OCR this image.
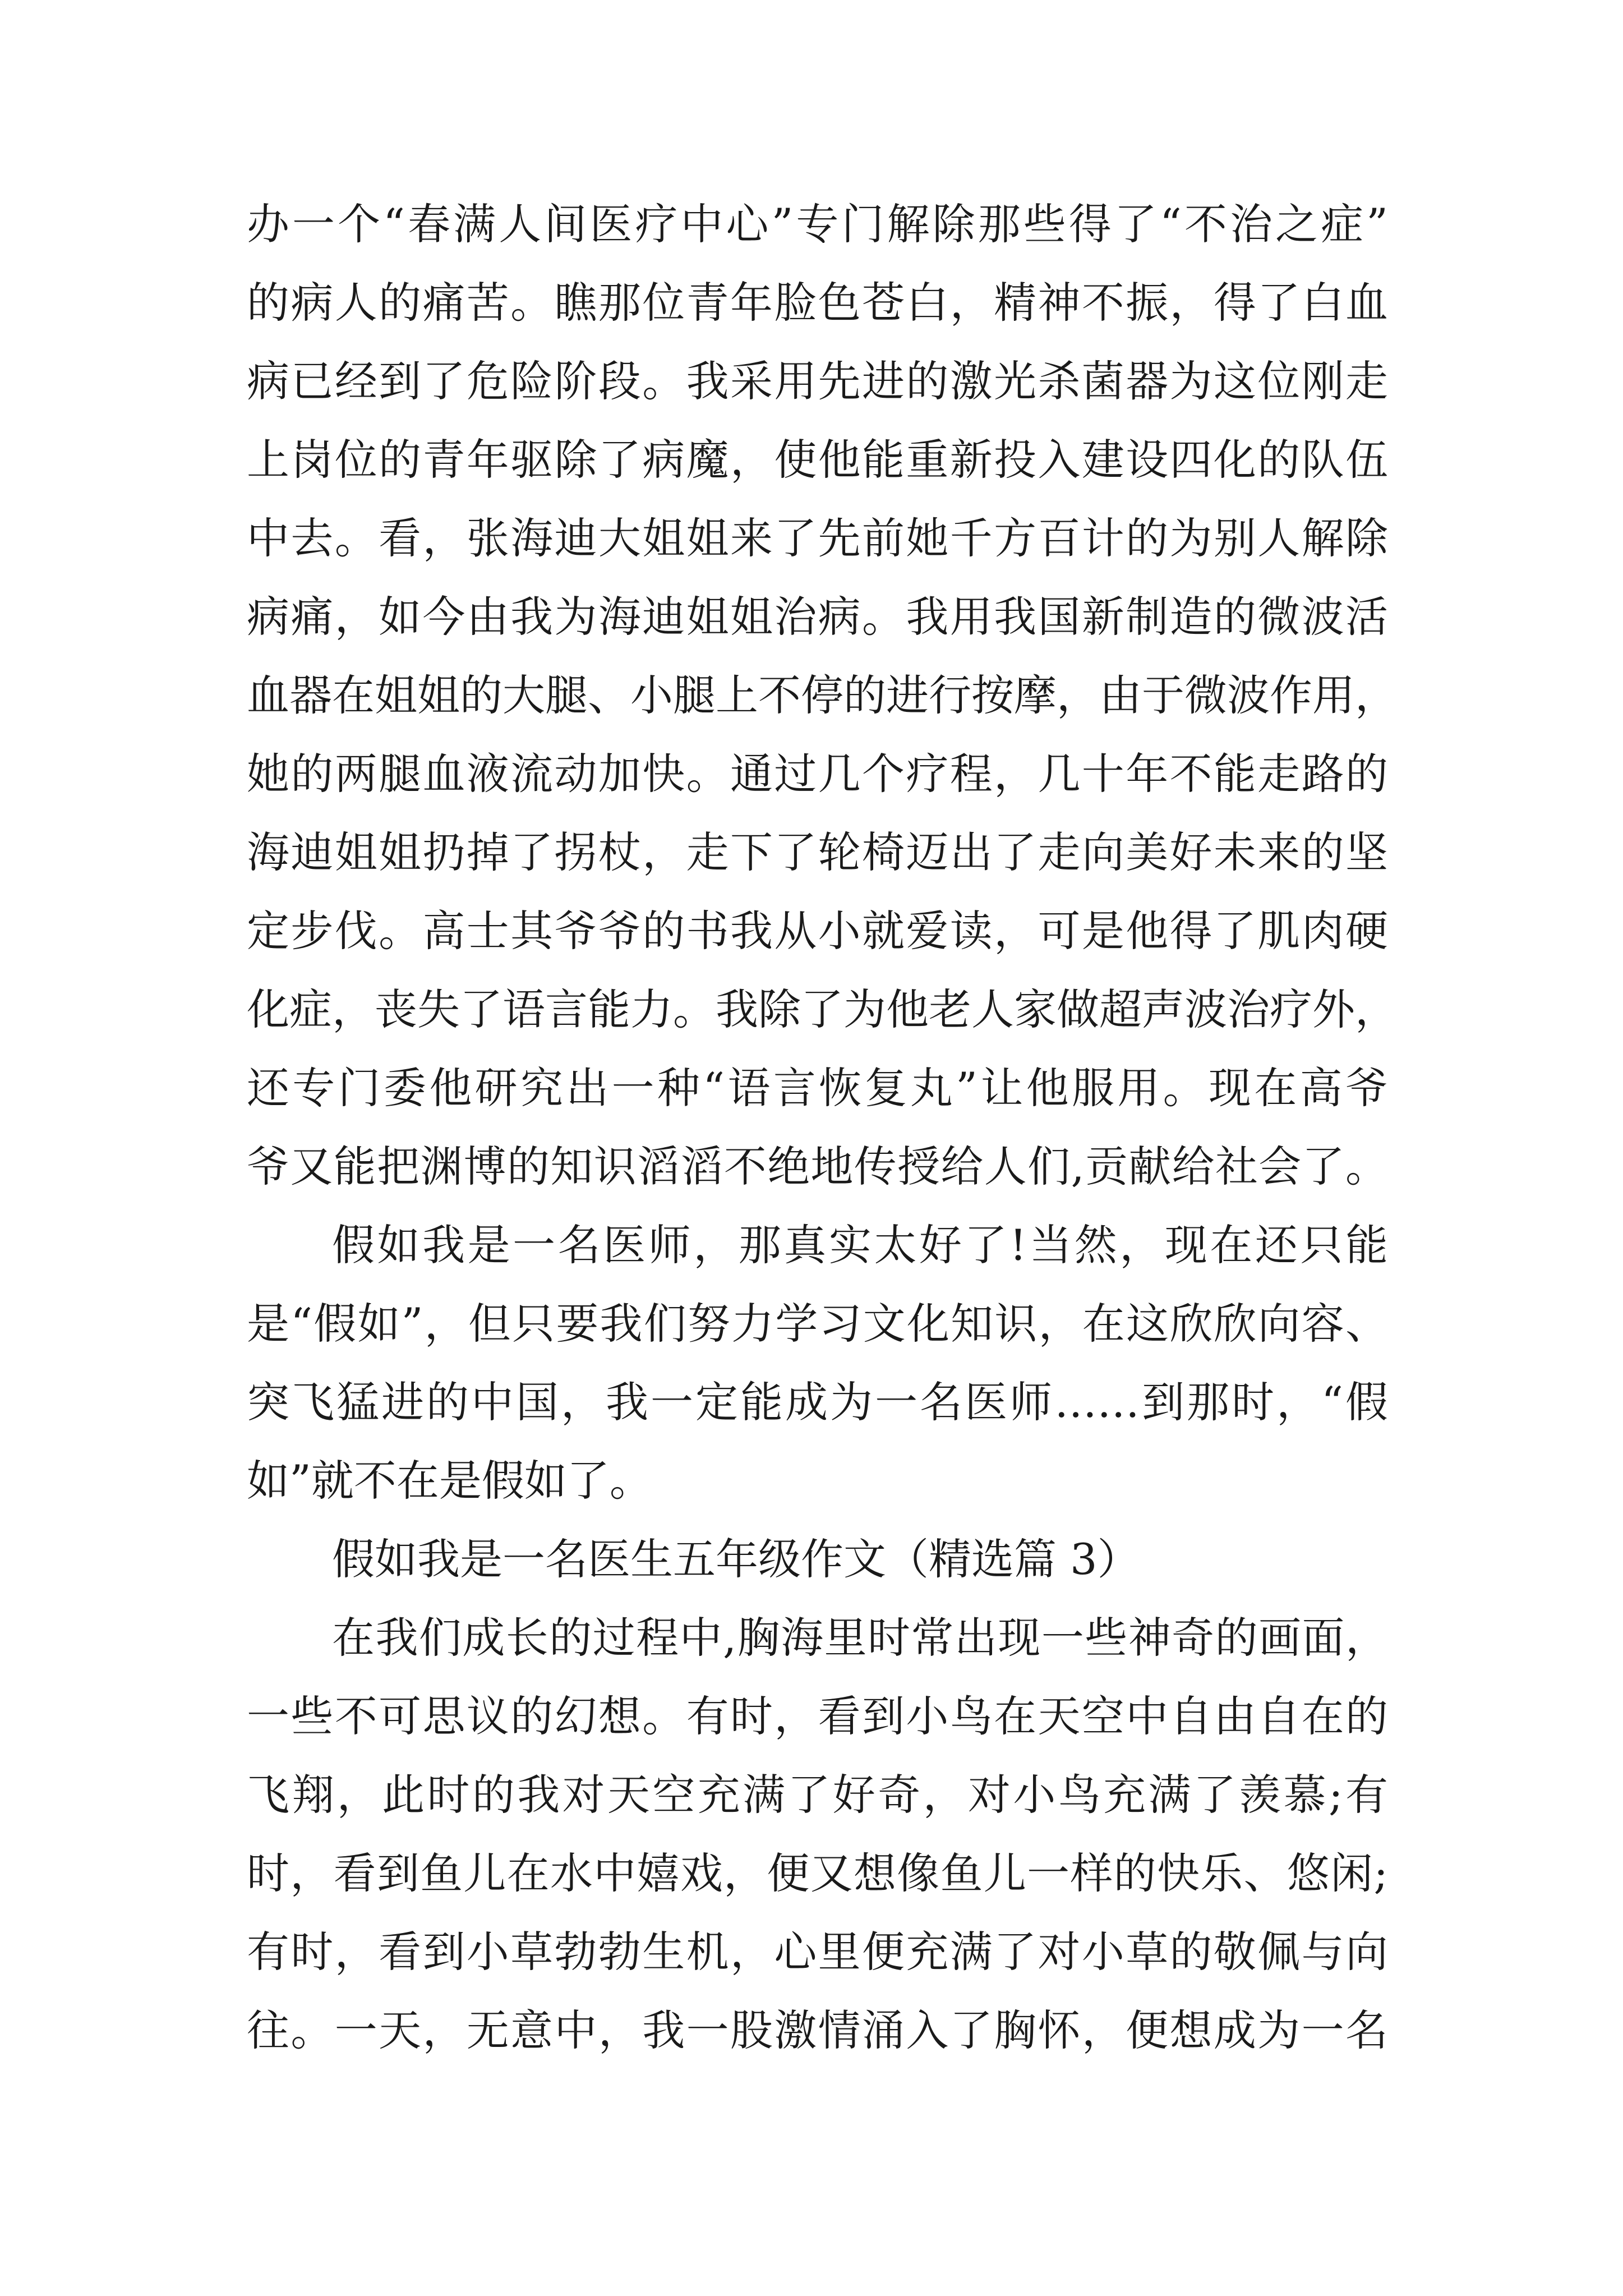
办一个“春满人间医疗中心”专门解除那些得了“不治之症”
的病人的痛苦。瞧那位青年脸色苍白，精神不振，得了白血
病已经到了危险阶段。我采用先进的激光杀菌器为这位刚走
上岗位的青年驱除了病魔，使他能重新投入建设四化的队伍
中去。看，张海迪大姐姐来了先前她千方百计的为别人解除
病痛，如今由我为海迪姐姐治病。我用我国新制造的微波活
血器在姐姐的大腿、小腿上不停的进行按摩，由于微波作用，
她的两腿血液流动加快。通过几个疗程，几十年不能走路的
海迪姐姐扔掉了拐杖，走下了轮椅迈出了走向美好未来的坚
定步伐。高士其爷爷的书我从小就爱读，可是他得了肌肉硬
化症，丧失了语言能力。我除了为他老人家做超声波治疗外，
还专门委他研究出一种“语言恢复丸”让他服用。现在高爷
爷又能把渊博的知识滔滔不绝地传授给人们,贡献给社会了。
假如我是一名医师，那真实太好了!当然，现在还只能
是“假如”，但只要我们努力学习文化知识，在这欣欣向容、
突飞猛进的中国，我一定能成为一名医师……到那时，“假
如”就不在是假如了。
假如我是一名医生五年级作文（精选篇 3）
在我们成长的过程中,胸海里时常出现一些神奇的画面，
一些不可思议的幻想。有时，看到小鸟在天空中自由自在的
飞翔，此时的我对天空充满了好奇，对小鸟充满了羡慕;有
时，看到鱼儿在水中嬉戏，便又想像鱼儿一样的快乐、悠闲;
有时，看到小草勃勃生机，心里便充满了对小草的敬佩与向
往。一天，无意中，我一股激情涌入了胸怀，便想成为一名
